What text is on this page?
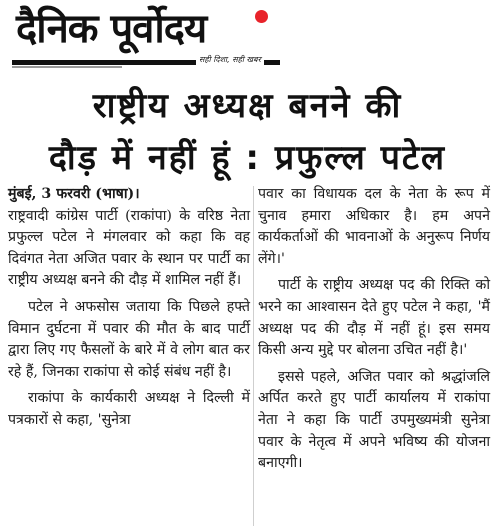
दैनिक पूर्वोदय
सही दिशा, सही खबर
राष्ट्रीय अध्यक्ष बनने की
दौड़ में नहीं हूं : प्रफुल्ल पटेल

मुंबई, 3 फरवरी (भाषा)।
राष्ट्रवादी कांग्रेस पार्टी (राकांपा) के वरिष्ठ नेता प्रफुल्ल पटेल ने मंगलवार को कहा कि वह दिवंगत नेता अजित पवार के स्थान पर पार्टी का राष्ट्रीय अध्यक्ष बनने की दौड़ में शामिल नहीं हैं।

पटेल ने अफसोस जताया कि पिछले हफ्ते विमान दुर्घटना में पवार की मौत के बाद पार्टी द्वारा लिए गए फैसलों के बारे में वे लोग बात कर रहे हैं, जिनका राकांपा से कोई संबंध नहीं है।

राकांपा के कार्यकारी अध्यक्ष ने दिल्ली में पत्रकारों से कहा, 'सुनेत्रा

पवार का विधायक दल के नेता के रूप में चुनाव हमारा अधिकार है। हम अपने कार्यकर्ताओं की भावनाओं के अनुरूप निर्णय लेंगे।'

पार्टी के राष्ट्रीय अध्यक्ष पद की रिक्ति को भरने का आश्वासन देते हुए पटेल ने कहा, 'मैं अध्यक्ष पद की दौड़ में नहीं हूं। इस समय किसी अन्य मुद्दे पर बोलना उचित नहीं है।'

इससे पहले, अजित पवार को श्रद्धांजलि अर्पित करते हुए पार्टी कार्यालय में राकांपा नेता ने कहा कि पार्टी उपमुख्यमंत्री सुनेत्रा पवार के नेतृत्व में अपने भविष्य की योजना बनाएगी।
